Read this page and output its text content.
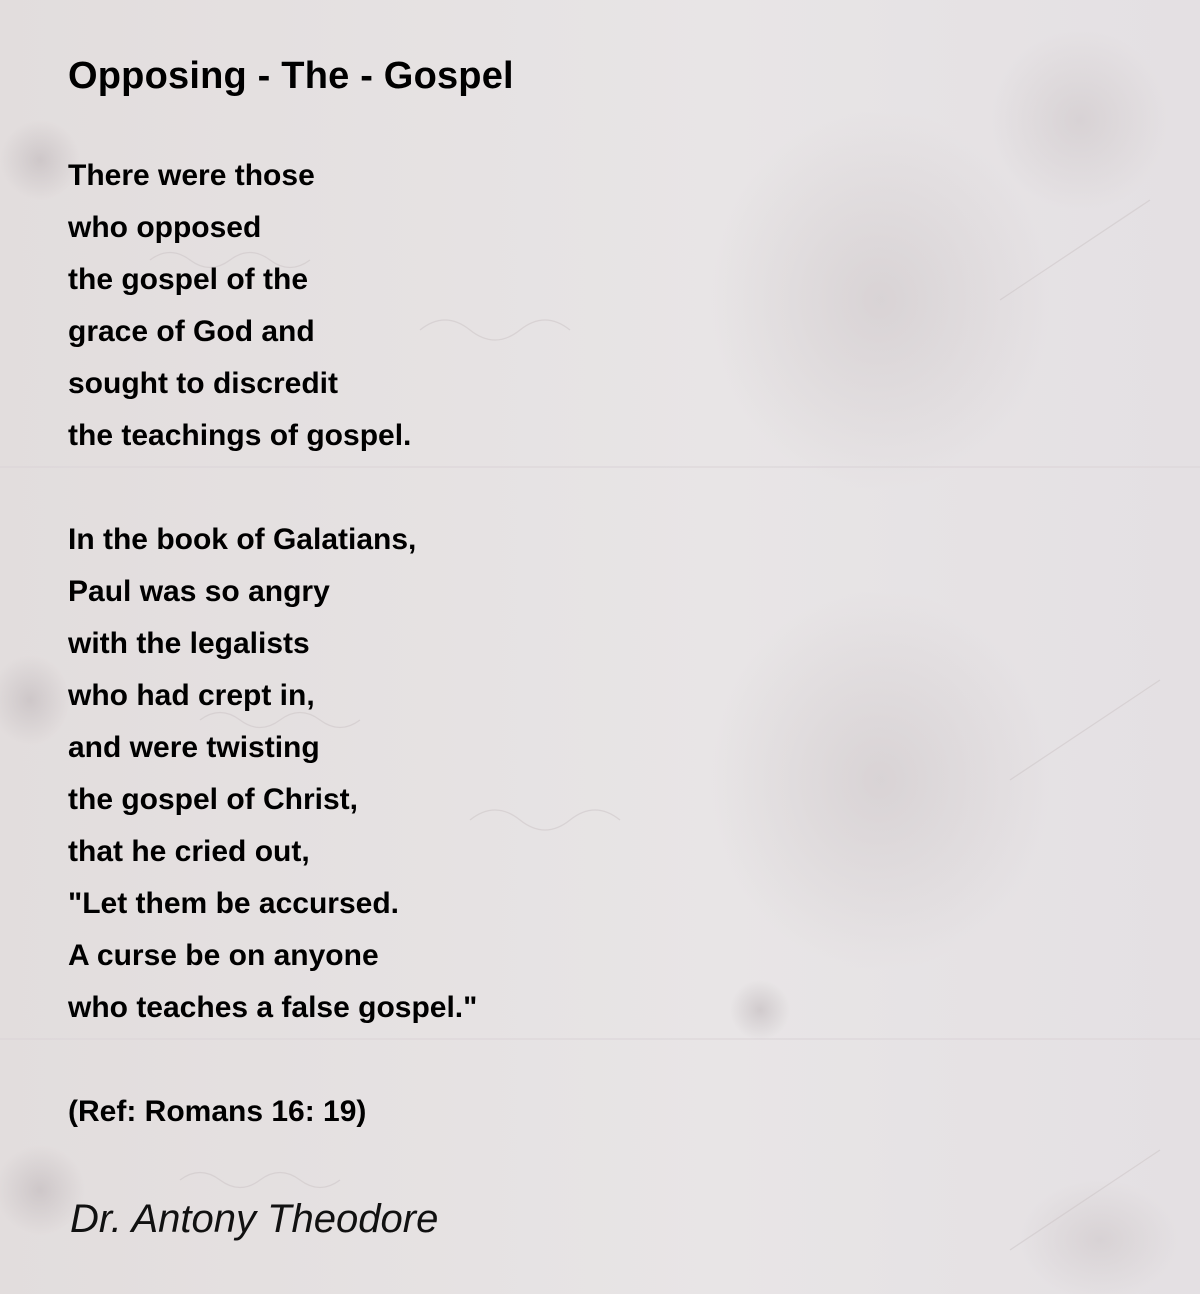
Opposing - The - Gospel
There were those
who opposed
the gospel of the
grace of God and
sought to discredit
the teachings of gospel.
In the book of Galatians,
Paul was so angry
with the legalists
who had crept in,
and were twisting
the gospel of Christ,
that he cried out,
"Let them be accursed.
A curse be on anyone
who teaches a false gospel."
(Ref: Romans 16: 19)
Dr. Antony Theodore
